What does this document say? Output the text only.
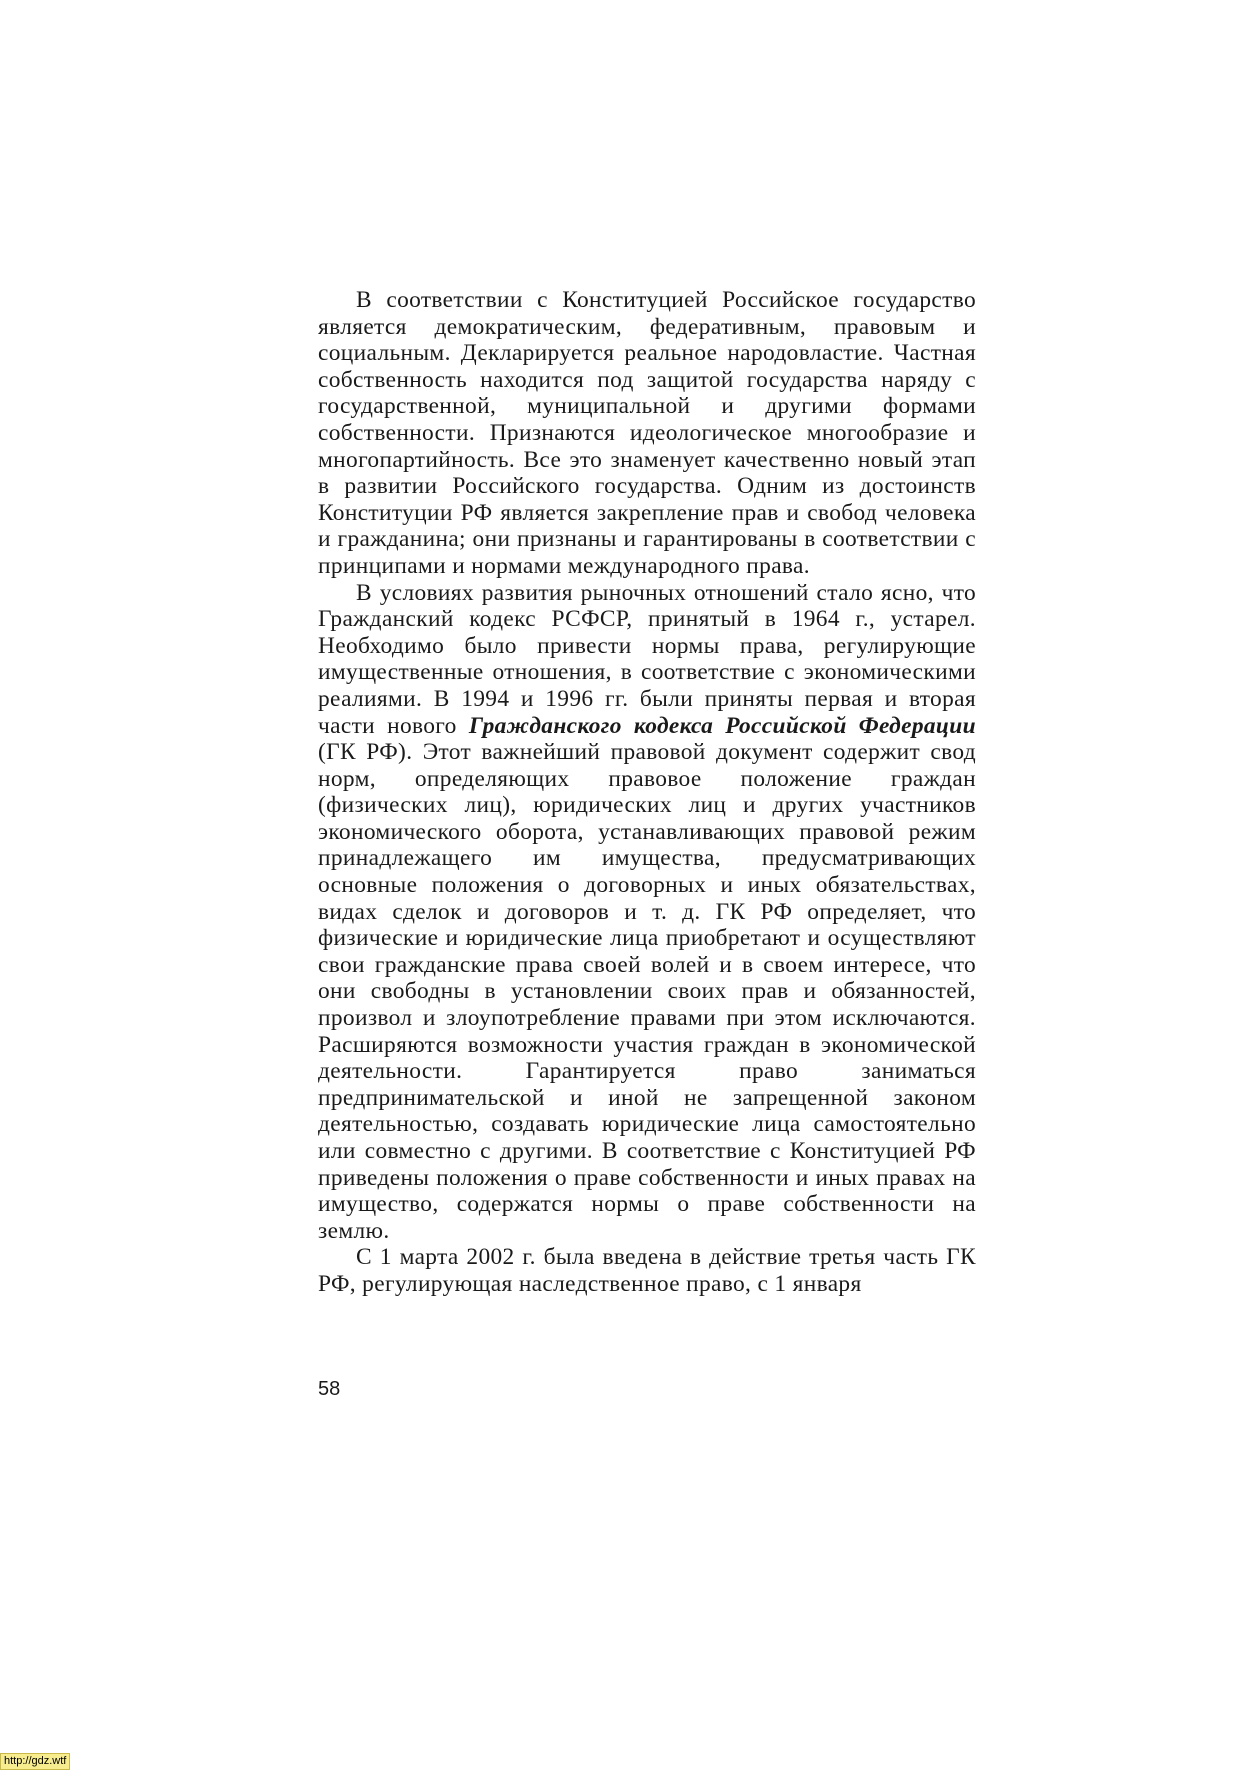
В соответствии с Конституцией Российское государство является демократическим, федеративным, правовым и социальным. Декларируется реальное народовластие. Частная собственность находится под защитой государства наряду с государственной, муниципальной и другими формами собственности. Признаются идеологическое многообразие и многопартийность. Все это знаменует качественно новый этап в развитии Российского государства. Одним из достоинств Конституции РФ является закрепление прав и свобод человека и гражданина; они признаны и гарантированы в соответствии с принципами и нормами международного права.

В условиях развития рыночных отношений стало ясно, что Гражданский кодекс РСФСР, принятый в 1964 г., устарел. Необходимо было привести нормы права, регулирующие имущественные отношения, в соответствие с экономическими реалиями. В 1994 и 1996 гг. были приняты первая и вторая части нового Гражданского кодекса Российской Федерации (ГК РФ). Этот важнейший правовой документ содержит свод норм, определяющих правовое положение граждан (физических лиц), юридических лиц и других участников экономического оборота, устанавливающих правовой режим принадлежащего им имущества, предусматривающих основные положения о договорных и иных обязательствах, видах сделок и договоров и т. д. ГК РФ определяет, что физические и юридические лица приобретают и осуществляют свои гражданские права своей волей и в своем интересе, что они свободны в установлении своих прав и обязанностей, произвол и злоупотребление правами при этом исключаются. Расширяются возможности участия граждан в экономической деятельности. Гарантируется право заниматься предпринимательской и иной не запрещенной законом деятельностью, создавать юридические лица самостоятельно или совместно с другими. В соответствие с Конституцией РФ приведены положения о праве собственности и иных правах на имущество, содержатся нормы о праве собственности на землю.

С 1 марта 2002 г. была введена в действие третья часть ГК РФ, регулирующая наследственное право, с 1 января

58
http://gdz.wtf
